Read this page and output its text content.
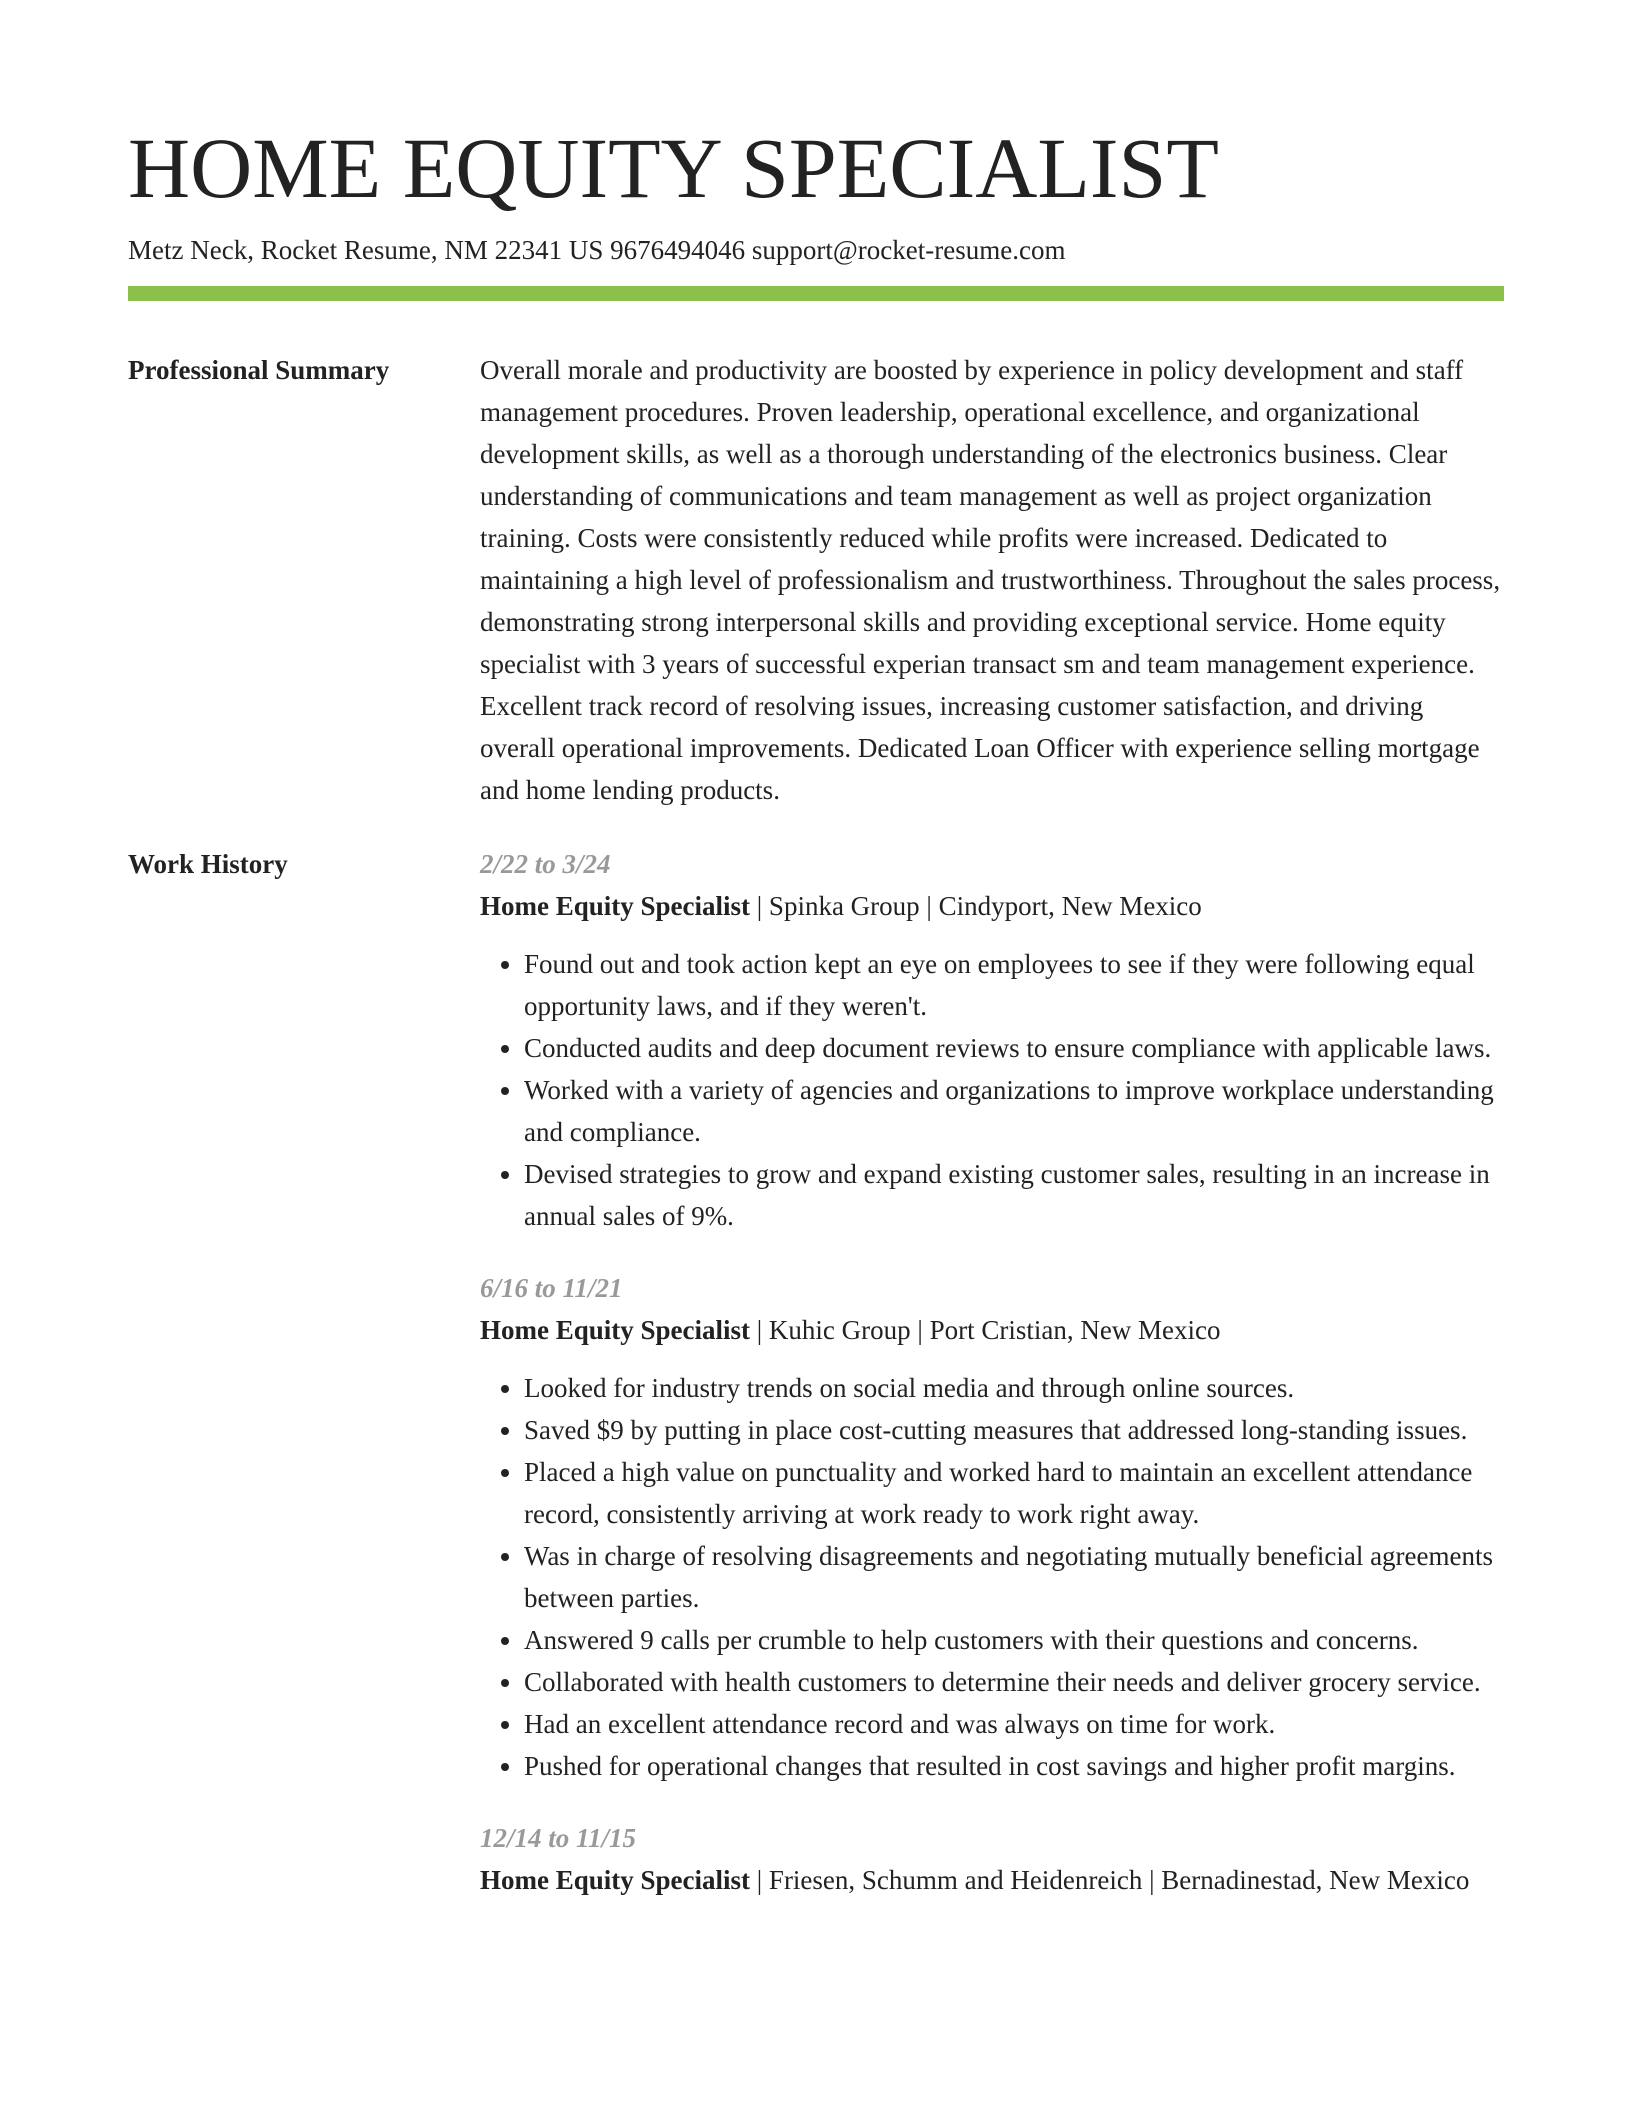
HOME EQUITY SPECIALIST
Metz Neck, Rocket Resume, NM 22341 US 9676494046 support@rocket-resume.com
Professional Summary	Overall morale and productivity are boosted by experience in policy development and staff management procedures. Proven leadership, operational excellence, and organizational development skills, as well as a thorough understanding of the electronics business. Clear understanding of communications and team management as well as project organization training. Costs were consistently reduced while profits were increased. Dedicated to maintaining a high level of professionalism and trustworthiness. Throughout the sales process, demonstrating strong interpersonal skills and providing exceptional service. Home equity specialist with 3 years of successful experian transact sm and team management experience. Excellent track record of resolving issues, increasing customer satisfaction, and driving overall operational improvements. Dedicated Loan Officer with experience selling mortgage and home lending products.

Work History	2/22 to 3/24
Home Equity Specialist | Spinka Group | Cindyport, New Mexico
• Found out and took action kept an eye on employees to see if they were following equal opportunity laws, and if they weren't.
• Conducted audits and deep document reviews to ensure compliance with applicable laws.
• Worked with a variety of agencies and organizations to improve workplace understanding and compliance.
• Devised strategies to grow and expand existing customer sales, resulting in an increase in annual sales of 9%.
6/16 to 11/21
Home Equity Specialist | Kuhic Group | Port Cristian, New Mexico
• Looked for industry trends on social media and through online sources.
• Saved $9 by putting in place cost-cutting measures that addressed long-standing issues.
• Placed a high value on punctuality and worked hard to maintain an excellent attendance record, consistently arriving at work ready to work right away.
• Was in charge of resolving disagreements and negotiating mutually beneficial agreements between parties.
• Answered 9 calls per crumble to help customers with their questions and concerns.
• Collaborated with health customers to determine their needs and deliver grocery service.
• Had an excellent attendance record and was always on time for work.
• Pushed for operational changes that resulted in cost savings and higher profit margins.
12/14 to 11/15
Home Equity Specialist | Friesen, Schumm and Heidenreich | Bernadinestad, New Mexico
